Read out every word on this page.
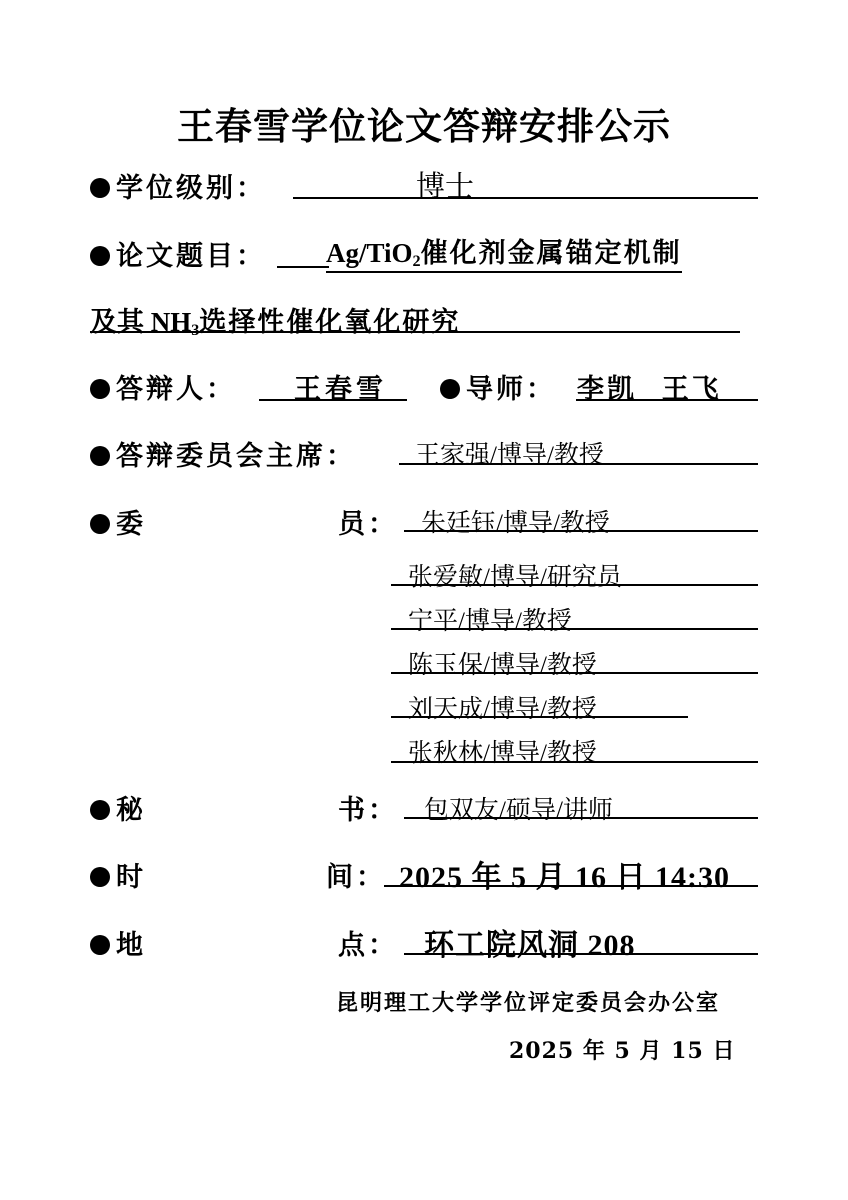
王春雪学位论文答辩安排公示
学位级别：	博士
论文题目： Ag/TiO$_2$催化剂金属锚定机制
及其 $NH_3$选择性催化氧化研究
答辩人： 王春雪	导师： 李凯  王飞
答辩委员会主席： 王家强/博导/教授
委	员： 朱廷钰/博导/教授
张爱敏/博导/研究员
宁平/博导/教授
陈玉保/博导/教授
刘天成/博导/教授
张秋林/博导/教授
秘	书： 包双友/硕导/讲师
时	间： 2025 年 5 月 16 日 14:30
地	点： 环工院风洞 208
昆明理工大学学位评定委员会办公室
2025 年 5 月 15 日
